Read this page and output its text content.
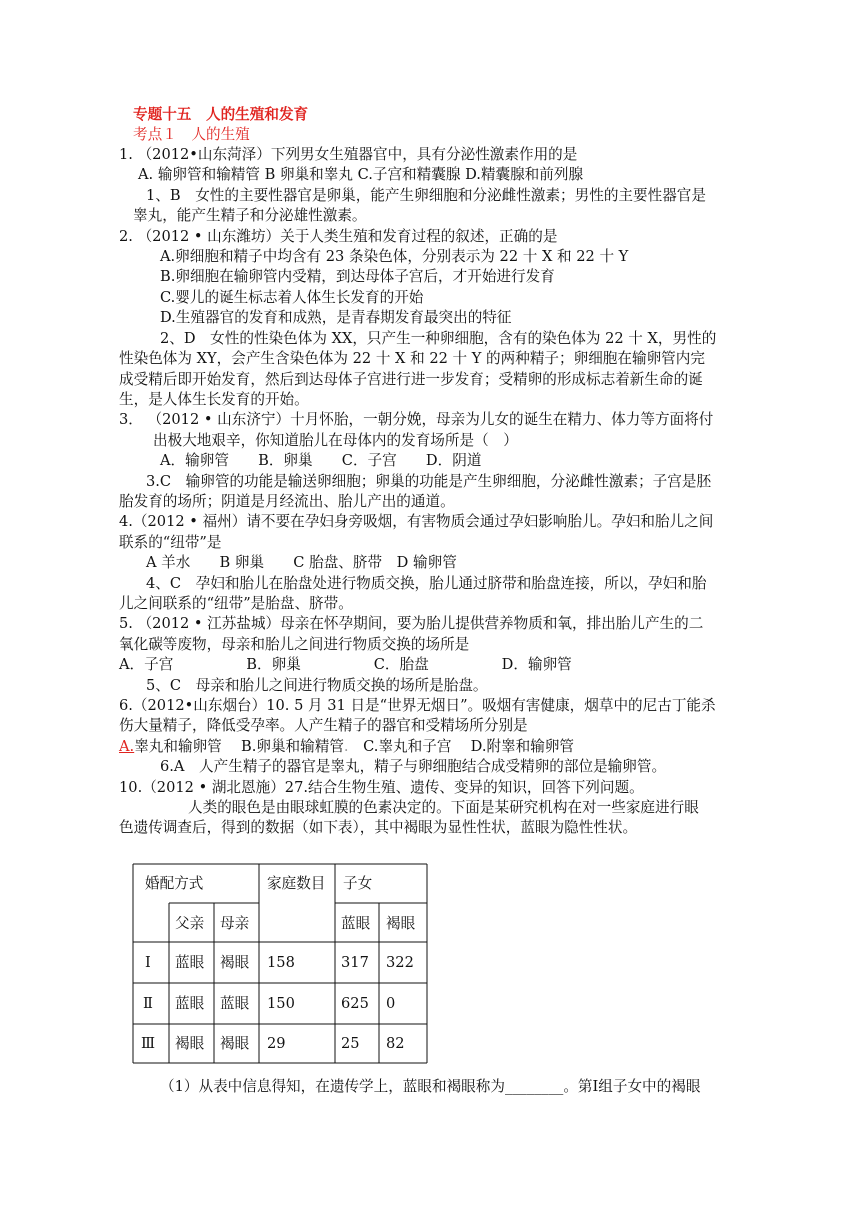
专题十五　人的生殖和发育
考点１　人的生殖
1. （2012•山东菏泽）下列男女生殖器官中，具有分泌性激素作用的是
A. 输卵管和输精管 B 卵巢和睾丸 C.子宫和精囊腺 D.精囊腺和前列腺
1、B　女性的主要性器官是卵巢，能产生卵细胞和分泌雌性激素；男性的主要性器官是
睾丸，能产生精子和分泌雄性激素。
2. （2012 • 山东潍坊）关于人类生殖和发育过程的叙述，正确的是
A.卵细胞和精子中均含有 23 条染色体，分别表示为 22 十 X 和 22 十 Y
B.卵细胞在输卵管内受精，到达母体子宫后，才开始进行发育
C.婴儿的诞生标志着人体生长发育的开始
D.生殖器官的发育和成熟，是青春期发育最突出的特征
2、D　女性的性染色体为 XX，只产生一种卵细胞，含有的染色体为 22 十 X，男性的
性染色体为 XY，会产生含染色体为 22 十 X 和 22 十 Y 的两种精子；卵细胞在输卵管内完
成受精后即开始发育，然后到达母体子宫进行进一步发育；受精卵的形成标志着新生命的诞
生，是人体生长发育的开始。
3． （2012 • 山东济宁）十月怀胎，一朝分娩，母亲为儿女的诞生在精力、体力等方面将付
出极大地艰辛，你知道胎儿在母体内的发育场所是（　）
A．输卵管　　B．卵巢　　C．子宫　　D．阴道
3.C　输卵管的功能是输送卵细胞；卵巢的功能是产生卵细胞，分泌雌性激素；子宫是胚
胎发育的场所；阴道是月经流出、胎儿产出的通道。
4.（2012 • 福州）请不要在孕妇身旁吸烟，有害物质会通过孕妇影响胎儿。孕妇和胎儿之间
联系的“纽带”是
A 羊水　　B 卵巢　　C 胎盘、脐带　D 输卵管
4、C　孕妇和胎儿在胎盘处进行物质交换，胎儿通过脐带和胎盘连接，所以，孕妇和胎
儿之间联系的“纽带”是胎盘、脐带。
5. （2012 • 江苏盐城）母亲在怀孕期间，要为胎儿提供营养物质和氧，排出胎儿产生的二
氧化碳等废物，母亲和胎儿之间进行物质交换的场所是
A．子宫　　　　　B．卵巢　　　　　C．胎盘　　　　　D．输卵管
5、C　母亲和胎儿之间进行物质交换的场所是胎盘。
6.（2012•山东烟台）10. 5 月 31 日是“世界无烟日”。吸烟有害健康，烟草中的尼古丁能杀
伤大量精子，降低受孕率。人产生精子的器官和受精场所分别是
A.睾丸和输卵管　 B.卵巢和输精管.　C.睾丸和子宫　 D.附睾和输卵管
6.A　人产生精子的器官是睾丸，精子与卵细胞结合成受精卵的部位是输卵管。
10.（2012 • 湖北恩施）27.结合生物生殖、遗传、变异的知识，回答下列问题。
人类的眼色是由眼球虹膜的色素决定的。下面是某研究机构在对一些家庭进行眼
色遗传调查后，得到的数据（如下表），其中褐眼为显性性状，蓝眼为隐性性状。
婚配方式	家庭数目 子女
父亲 母亲	蓝眼 褐眼
Ⅰ 蓝眼 褐眼 158	317 322
Ⅱ 蓝眼 蓝眼 150	625 0
Ⅲ 褐眼 褐眼 29	25 82
（1）从表中信息得知，在遗传学上，蓝眼和褐眼称为________。第Ⅰ组子女中的褐眼
